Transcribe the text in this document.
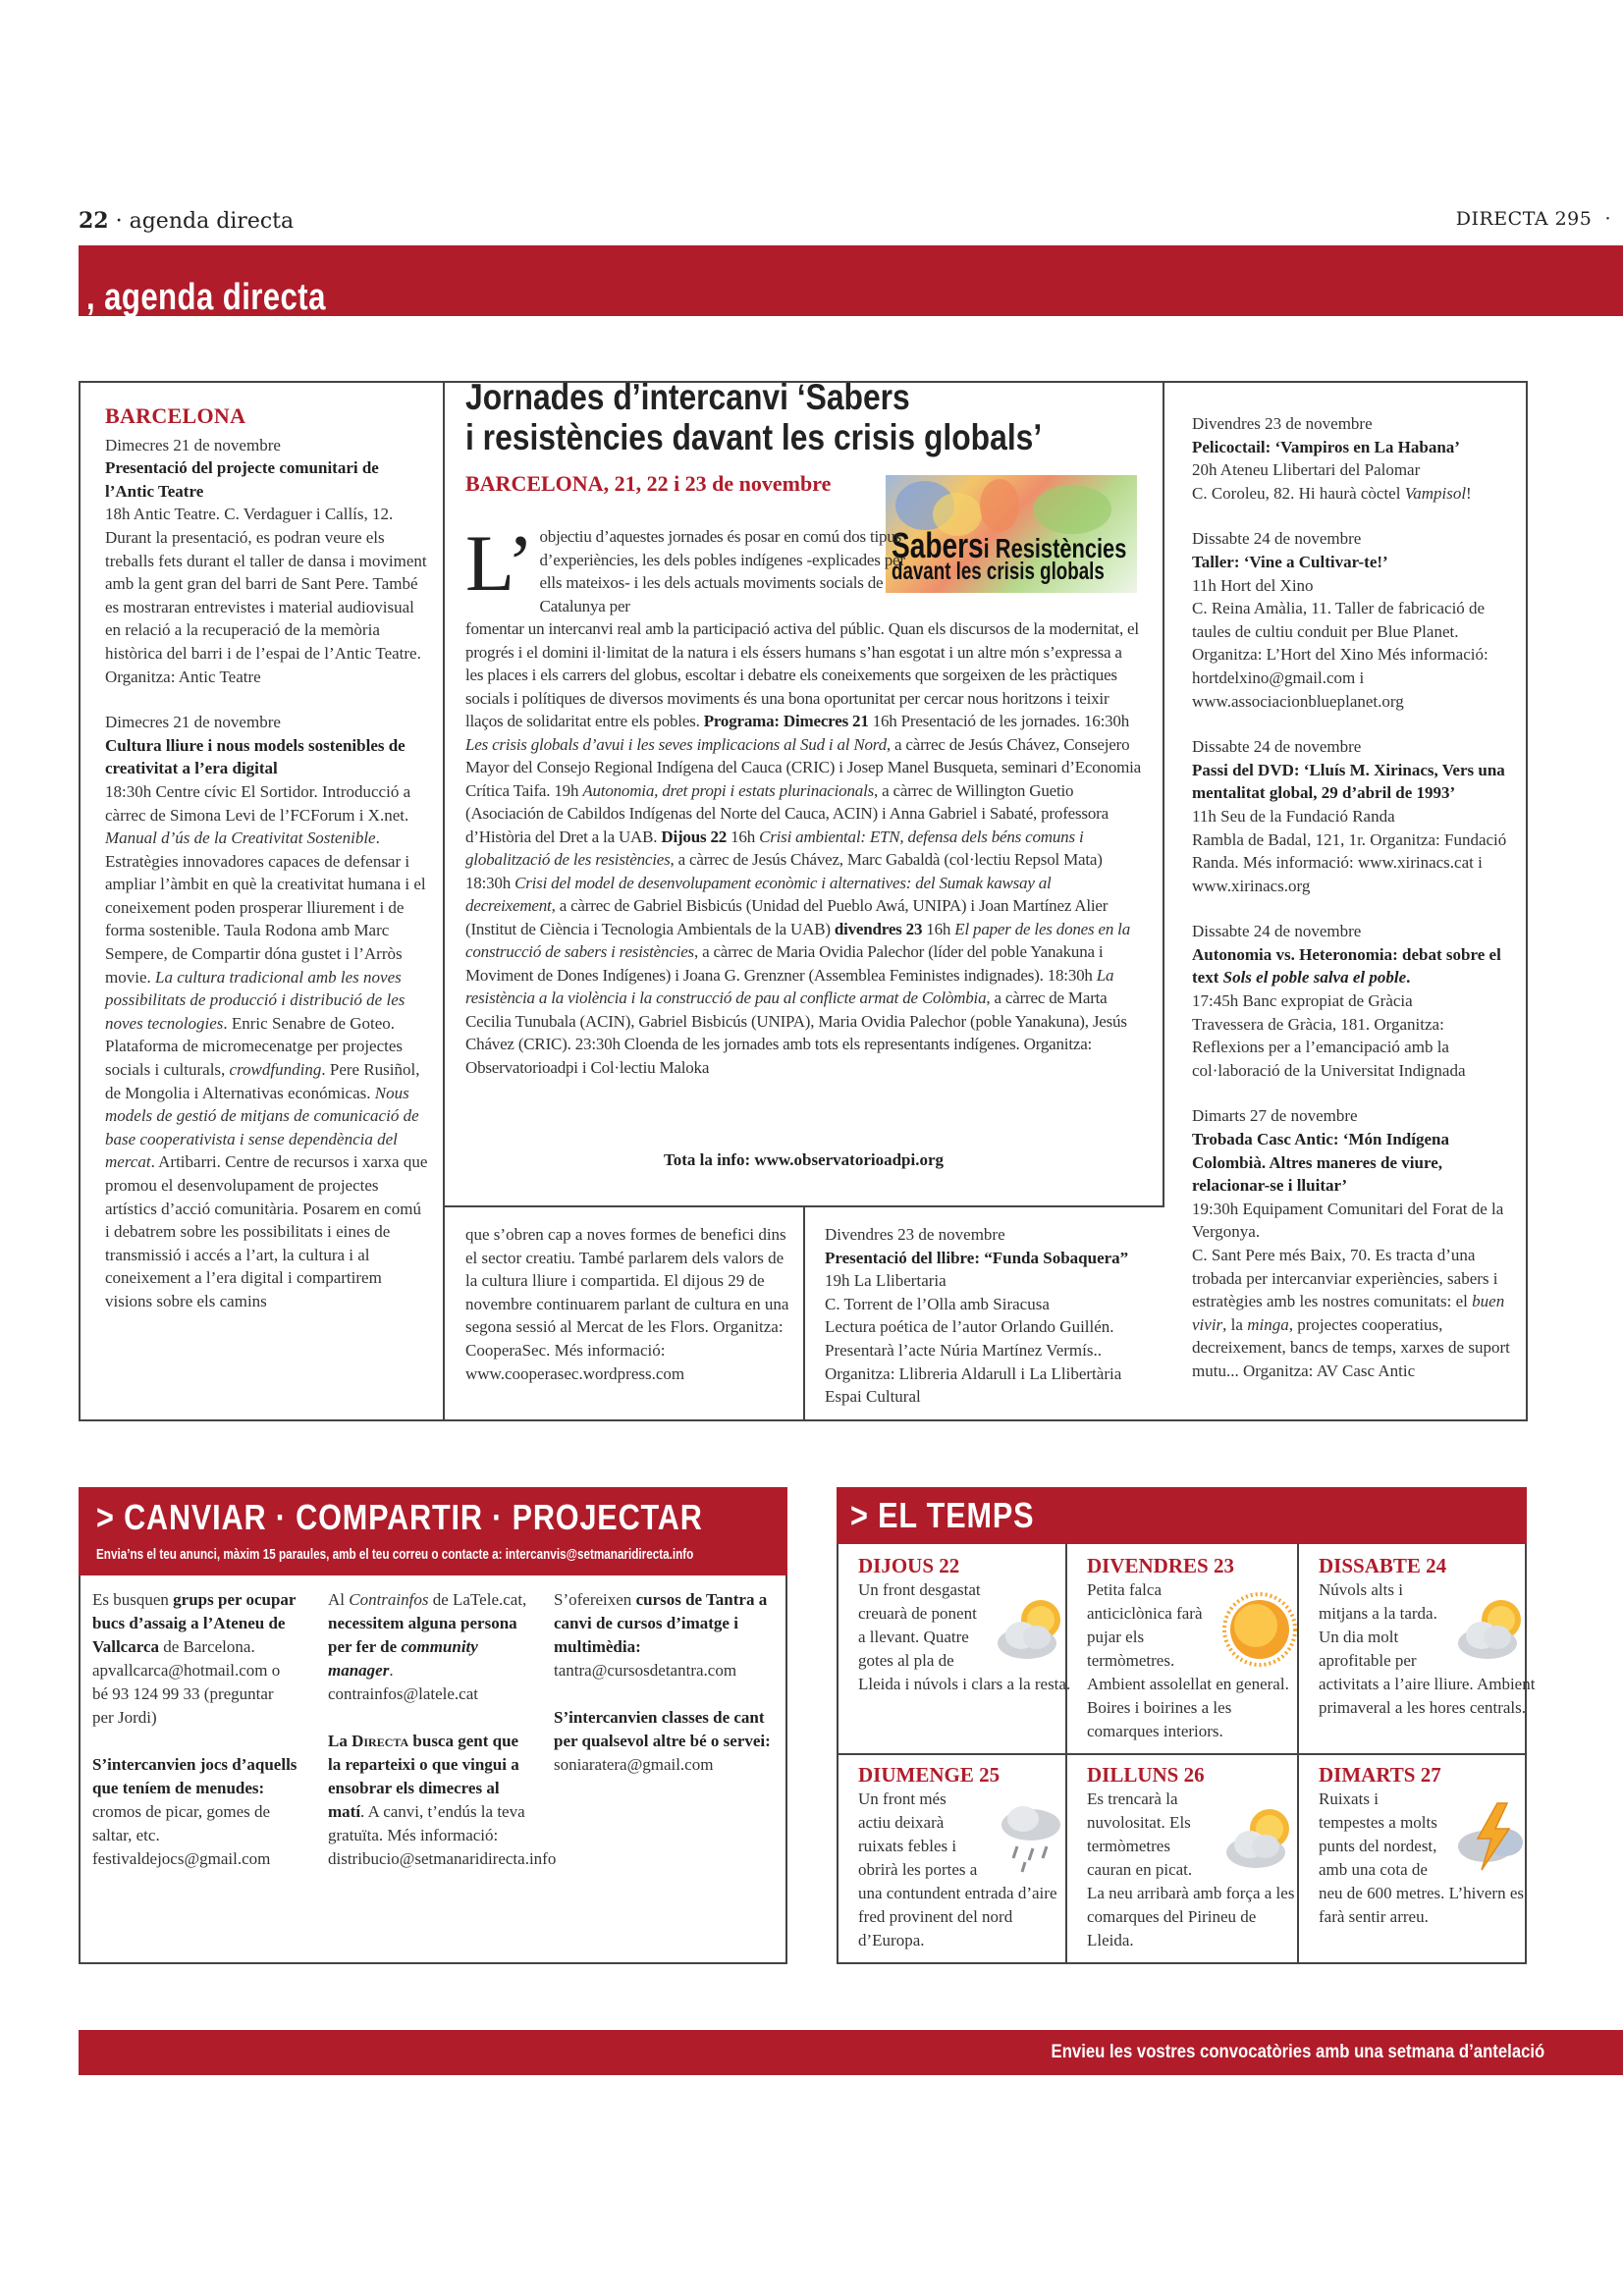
22 · agenda directa	DIRECTA 295  ·
, agenda directa
BARCELONA
Dimecres 21 de novembre
Presentació del projecte comunitari de l’Antic Teatre
18h Antic Teatre. C. Verdaguer i Callís, 12. Durant la presentació, es podran veure els treballs fets durant el taller de dansa i moviment amb la gent gran del barri de Sant Pere. També es mostraran entrevistes i material audiovisual en relació a la recuperació de la memòria històrica del barri i de l’espai de l’Antic Teatre. Organitza: Antic Teatre
Dimecres 21 de novembre
Cultura lliure i nous models sostenibles de creativitat a l’era digital
18:30h Centre cívic El Sortidor. Introducció a càrrec de Simona Levi de l’FCForum i X.net. Manual d’ús de la Creativitat Sostenible. Estratègies innovadores capaces de defensar i ampliar l’àmbit en què la creativitat humana i el coneixement poden prosperar lliurement i de forma sostenible. Taula Rodona amb Marc Sempere, de Compartir dóna gustet i l’Arròs movie. La cultura tradicional amb les noves possibilitats de producció i distribució de les noves tecnologies. Enric Senabre de Goteo. Plataforma de micromecenatge per projectes socials i culturals, crowdfunding. Pere Rusiñol, de Mongolia i Alternativas económicas. Nous models de gestió de mitjans de comunicació de base cooperativista i sense dependència del mercat. Artibarri. Centre de recursos i xarxa que promou el desenvolupament de projectes artístics d’acció comunitària. Posarem en comú i debatrem sobre les possibilitats i eines de transmissió i accés a l’art, la cultura i al coneixement a l’era digital i compartirem visions sobre els camins
Jornades d’intercanvi ‘Sabers
i resistències davant les crisis globals’
BARCELONA, 21, 22 i 23 de novembre
Sabersi Resistències
davant les crisis globals
L’ objectiu d’aquestes jornades és posar en comú dos tipus d’experiències, les dels pobles indígenes -explicades per ells mateixos- i les dels actuals moviments socials de Catalunya per
fomentar un intercanvi real amb la participació activa del públic. Quan els discursos de la modernitat, el progrés i el domini il·limitat de la natura i els éssers humans s’han esgotat i un altre món s’expressa a les places i els carrers del globus, escoltar i debatre els coneixements que sorgeixen de les pràctiques socials i polítiques de diversos moviments és una bona oportunitat per cercar nous horitzons i teixir llaços de solidaritat entre els pobles. Programa: Dimecres 21 16h Presentació de les jornades. 16:30h Les crisis globals d’avui i les seves implicacions al Sud i al Nord, a càrrec de Jesús Chávez, Consejero Mayor del Consejo Regional Indígena del Cauca (CRIC) i Josep Manel Busqueta, seminari d’Economia Crítica Taifa. 19h Autonomia, dret propi i estats plurinacionals, a càrrec de Willington Guetio (Asociación de Cabildos Indígenas del Norte del Cauca, ACIN) i Anna Gabriel i Sabaté, professora d’Història del Dret a la UAB. Dijous 22 16h Crisi ambiental: ETN, defensa dels béns comuns i globalització de les resistències, a càrrec de Jesús Chávez, Marc Gabaldà (col·lectiu Repsol Mata) 18:30h Crisi del model de desenvolupament econòmic i alternatives: del Sumak kawsay al decreixement, a càrrec de Gabriel Bisbicús (Unidad del Pueblo Awá, UNIPA) i Joan Martínez Alier (Institut de Ciència i Tecnologia Ambientals de la UAB) divendres 23 16h El paper de les dones en la construcció de sabers i resistències, a càrrec de Maria Ovidia Palechor (líder del poble Yanakuna i Moviment de Dones Indígenes) i Joana G. Grenzner (Assemblea Feministes indignades). 18:30h La resistència a la violència i la construcció de pau al conflicte armat de Colòmbia, a càrrec de Marta Cecilia Tunubala (ACIN), Gabriel Bisbicús (UNIPA), Maria Ovidia Palechor (poble Yanakuna), Jesús Chávez (CRIC). 23:30h Cloenda de les jornades amb tots els representants indígenes. Organitza: Observatorioadpi i Col·lectiu Maloka
Tota la info: www.observatorioadpi.org
que s’obren cap a noves formes de benefici dins el sector creatiu. També parlarem dels valors de la cultura lliure i compartida. El dijous 29 de novembre continuarem parlant de cultura en una segona sessió al Mercat de les Flors. Organitza: CooperaSec. Més informació: www.cooperasec.wordpress.com
Divendres 23 de novembre
Presentació del llibre: “Funda Sobaquera”
19h La Llibertaria
C. Torrent de l’Olla amb Siracusa
Lectura poética de l’autor Orlando Guillén. Presentarà l’acte Núria Martínez Vermís.. Organitza: Llibreria Aldarull i La Llibertària Espai Cultural
Divendres 23 de novembre
Pelicoctail: ‘Vampiros en La Habana’
20h Ateneu Llibertari del Palomar
C. Coroleu, 82. Hi haurà còctel Vampisol!
Dissabte 24 de novembre
Taller: ‘Vine a Cultivar-te!’
11h Hort del Xino
C. Reina Amàlia, 11. Taller de fabricació de taules de cultiu conduit per Blue Planet. Organitza: L’Hort del Xino Més informació: hortdelxino@gmail.com i www.associacionblueplanet.org
Dissabte 24 de novembre
Passi del DVD: ‘Lluís M. Xirinacs, Vers una mentalitat global, 29 d’abril de 1993’
11h Seu de la Fundació Randa
Rambla de Badal, 121, 1r. Organitza: Fundació Randa. Més informació: www.xirinacs.cat i www.xirinacs.org
Dissabte 24 de novembre
Autonomia vs. Heteronomia: debat sobre el text Sols el poble salva el poble.
17:45h Banc expropiat de Gràcia
Travessera de Gràcia, 181. Organitza: Reflexions per a l’emancipació amb la col·laboració de la Universitat Indignada
Dimarts 27 de novembre
Trobada Casc Antic: ‘Món Indígena Colombià. Altres maneres de viure, relacionar-se i lluitar’
19:30h Equipament Comunitari del Forat de la Vergonya.
C. Sant Pere més Baix, 70. Es tracta d’una trobada per intercanviar experiències, sabers i estratègies amb les nostres comunitats: el buen vivir, la minga, projectes cooperatius, decreixement, bancs de temps, xarxes de suport mutu... Organitza: AV Casc Antic
> CANVIAR · COMPARTIR · PROJECTAR
Envia’ns el teu anunci, màxim 15 paraules, amb el teu correu o contacte a: intercanvis@setmanaridirecta.info

Es busquen grups per ocupar bucs d’assaig a l’Ateneu de Vallcarca de Barcelona. apvallcarca@hotmail.com o bé 93 124 99 33 (preguntar per Jordi)

S’intercanvien jocs d’aquells que teníem de menudes: cromos de picar, gomes de saltar, etc. festivaldejocs@gmail.com

Al Contrainfos de LaTele.cat, necessitem alguna persona per fer de community manager. contrainfos@latele.cat

La Directa busca gent que la reparteixi o que vingui a ensobrar els dimecres al matí. A canvi, t’endús la teva gratuïta. Més informació: distribucio@setmanaridirecta.info

S’ofereixen cursos de Tantra a canvi de cursos d’imatge i multimèdia: tantra@cursosdetantra.com

S’intercanvien classes de cant per qualsevol altre bé o servei: soniaratera@gmail.com

> EL TEMPS
DIJOUS 22
Un front desgastat creuarà de ponent a llevant. Quatre gotes al pla de Lleida i núvols i clars a la resta.
DIVENDRES 23
Petita falca anticiclònica farà pujar els termòmetres. Ambient assolellat en general. Boires i boirines a les comarques interiors.
DISSABTE 24
Núvols alts i mitjans a la tarda. Un dia molt aprofitable per activitats a l’aire lliure. Ambient primaveral a les hores centrals.
DIUMENGE 25
Un front més actiu deixarà ruixats febles i obrirà les portes a una contundent entrada d’aire fred provinent del nord d’Europa.
DILLUNS 26
Es trencarà la nuvolositat. Els termòmetres cauran en picat. La neu arribarà amb força a les comarques del Pirineu de Lleida.
DIMARTS 27
Ruixats i tempestes a molts punts del nordest, amb una cota de neu de 600 metres. L’hivern es farà sentir arreu.
Envieu les vostres convocatòries amb una setmana d’antelació
